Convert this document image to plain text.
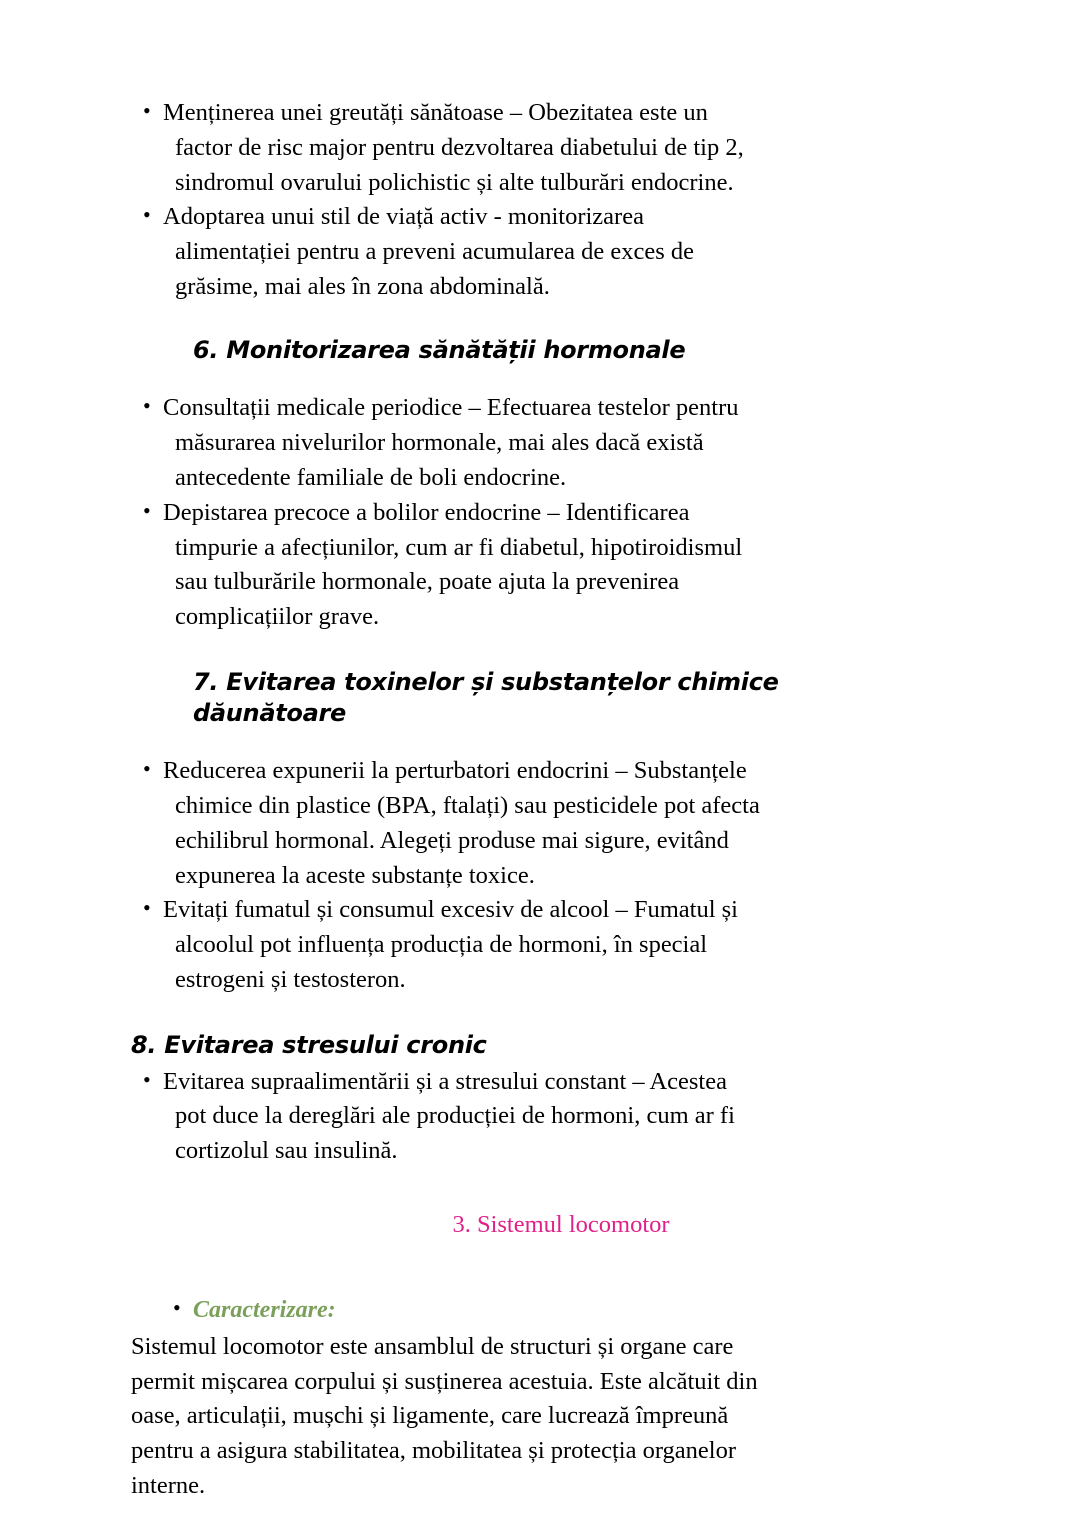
• Menținerea unei greutăți sănătoase – Obezitatea este un
factor de risc major pentru dezvoltarea diabetului de tip 2,
sindromul ovarului polichistic și alte tulburări endocrine.
• Adoptarea unui stil de viață activ - monitorizarea
alimentației pentru a preveni acumularea de exces de
grăsime, mai ales în zona abdominală.
6. Monitorizarea sănătății hormonale
• Consultații medicale periodice – Efectuarea testelor pentru
măsurarea nivelurilor hormonale, mai ales dacă există
antecedente familiale de boli endocrine.
• Depistarea precoce a bolilor endocrine – Identificarea
timpurie a afecțiunilor, cum ar fi diabetul, hipotiroidismul
sau tulburările hormonale, poate ajuta la prevenirea
complicațiilor grave.
7. Evitarea toxinelor și substanțelor chimice
dăunătoare
• Reducerea expunerii la perturbatori endocrini – Substanțele
chimice din plastice (BPA, ftalați) sau pesticidele pot afecta
echilibrul hormonal. Alegeți produse mai sigure, evitând
expunerea la aceste substanțe toxice.
• Evitați fumatul și consumul excesiv de alcool – Fumatul și
alcoolul pot influența producția de hormoni, în special
estrogeni și testosteron.
8. Evitarea stresului cronic
• Evitarea supraalimentării și a stresului constant – Acestea
pot duce la dereglări ale producției de hormoni, cum ar fi
cortizolul sau insulină.
3. Sistemul locomotor
• Caracterizare:
Sistemul locomotor este ansamblul de structuri și organe care
permit mișcarea corpului și susținerea acestuia. Este alcătuit din
oase, articulații, mușchi și ligamente, care lucrează împreună
pentru a asigura stabilitatea, mobilitatea și protecția organelor
interne.
